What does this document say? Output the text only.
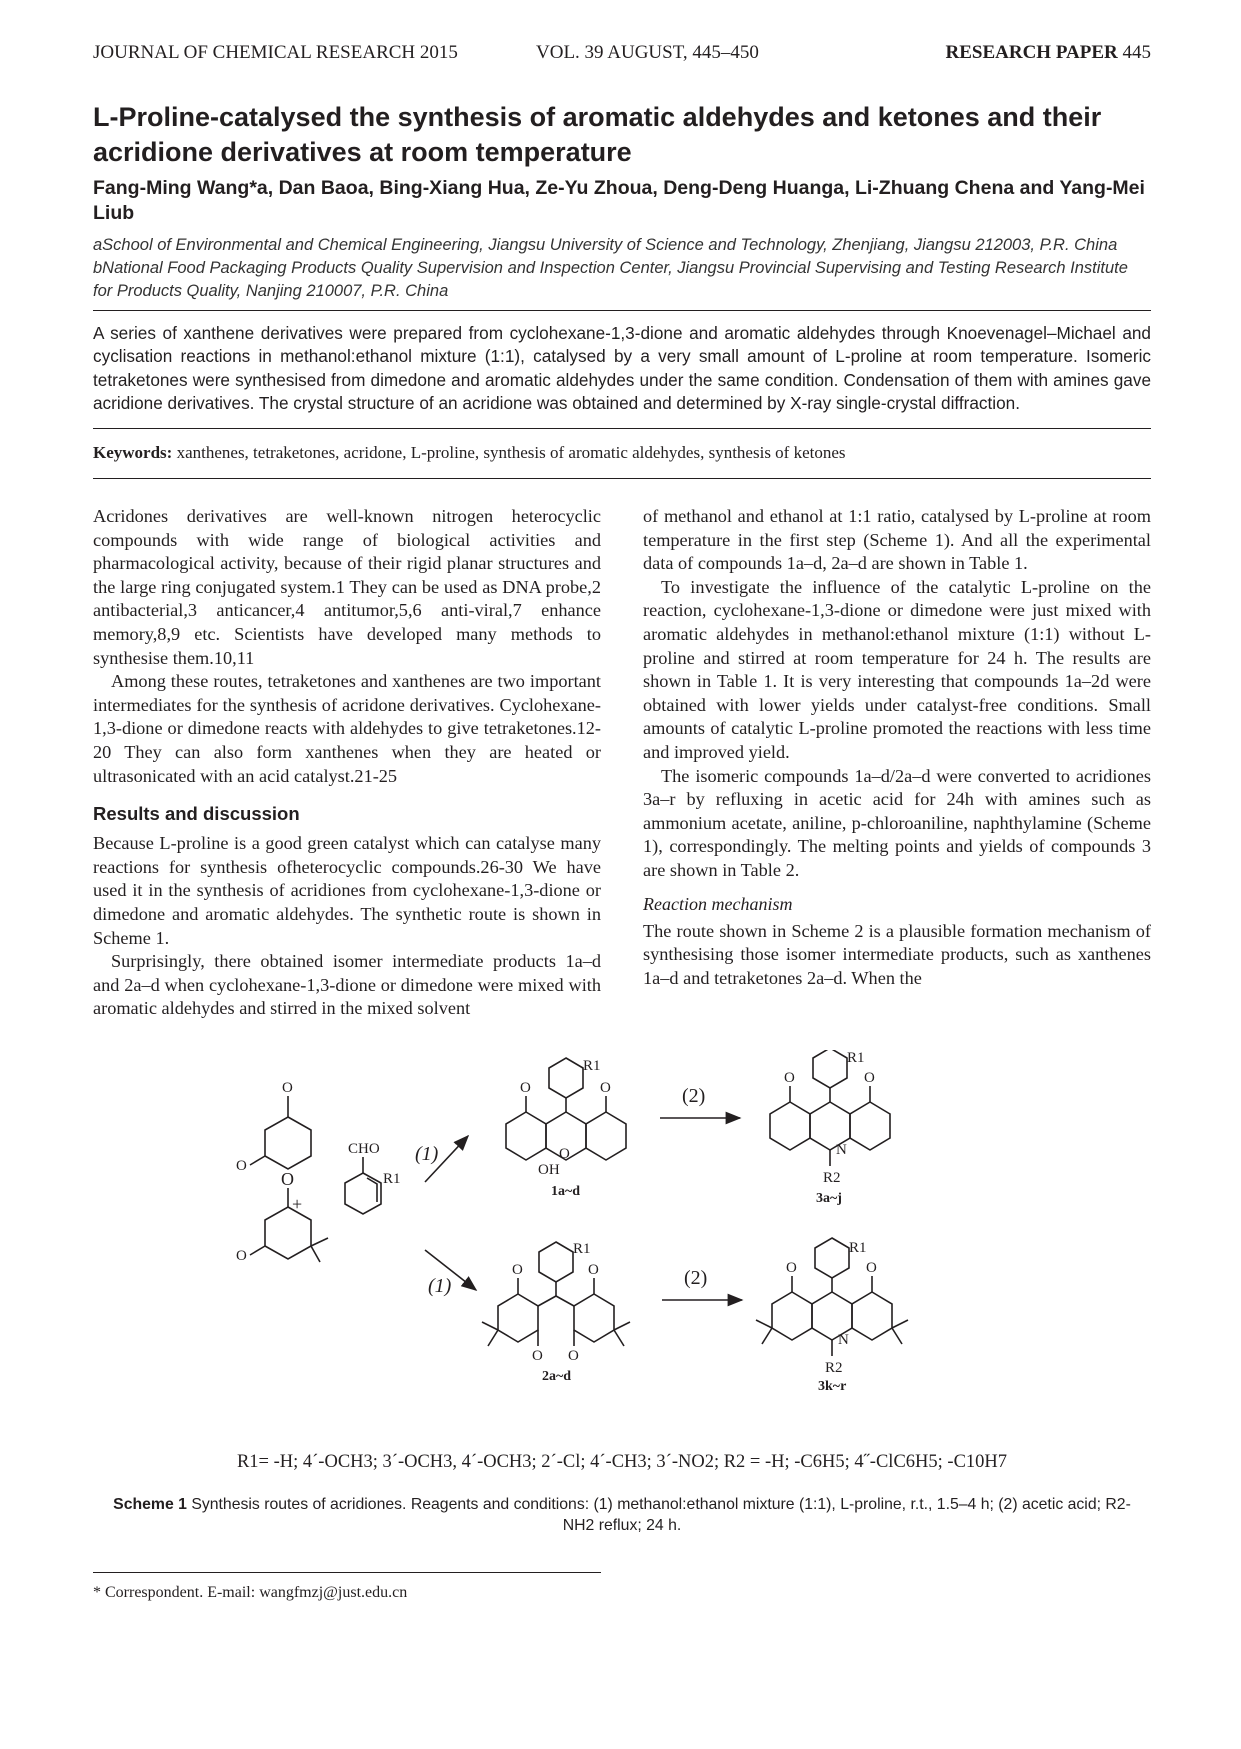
JOURNAL OF CHEMICAL RESEARCH 2015	VOL. 39 AUGUST, 445–450	RESEARCH PAPER 445
L-Proline-catalysed the synthesis of aromatic aldehydes and ketones and their acridione derivatives at room temperature
Fang-Ming Wang*a, Dan Baoa, Bing-Xiang Hua, Ze-Yu Zhoua, Deng-Deng Huanga, Li-Zhuang Chena and Yang-Mei Liub
aSchool of Environmental and Chemical Engineering, Jiangsu University of Science and Technology, Zhenjiang, Jiangsu 212003, P.R. China
bNational Food Packaging Products Quality Supervision and Inspection Center, Jiangsu Provincial Supervising and Testing Research Institute for Products Quality, Nanjing 210007, P.R. China

A series of xanthene derivatives were prepared from cyclohexane-1,3-dione and aromatic aldehydes through Knoevenagel–Michael and cyclisation reactions in methanol:ethanol mixture (1:1), catalysed by a very small amount of L-proline at room temperature. Isomeric tetraketones were synthesised from dimedone and aromatic aldehydes under the same condition. Condensation of them with amines gave acridione derivatives. The crystal structure of an acridione was obtained and determined by X-ray single-crystal diffraction.

Keywords: xanthenes, tetraketones, acridone, L-proline, synthesis of aromatic aldehydes, synthesis of ketones

Acridones derivatives are well-known nitrogen heterocyclic compounds with wide range of biological activities and pharmacological activity, because of their rigid planar structures and the large ring conjugated system.1 They can be used as DNA probe,2 antibacterial,3 anticancer,4 antitumor,5,6 anti-viral,7 enhance memory,8,9 etc. Scientists have developed many methods to synthesise them.10,11

Among these routes, tetraketones and xanthenes are two important intermediates for the synthesis of acridone derivatives. Cyclohexane-1,3-dione or dimedone reacts with aldehydes to give tetraketones.12-20 They can also form xanthenes when they are heated or ultrasonicated with an acid catalyst.21-25

Results and discussion

Because L-proline is a good green catalyst which can catalyse many reactions for synthesis ofheterocyclic compounds.26-30 We have used it in the synthesis of acridiones from cyclohexane-1,3-dione or dimedone and aromatic aldehydes. The synthetic route is shown in Scheme 1.

Surprisingly, there obtained isomer intermediate products 1a–d and 2a–d when cyclohexane-1,3-dione or dimedone were mixed with aromatic aldehydes and stirred in the mixed solvent

of methanol and ethanol at 1:1 ratio, catalysed by L-proline at room temperature in the first step (Scheme 1). And all the experimental data of compounds 1a–d, 2a–d are shown in Table 1.

To investigate the influence of the catalytic L-proline on the reaction, cyclohexane-1,3-dione or dimedone were just mixed with aromatic aldehydes in methanol:ethanol mixture (1:1) without L-proline and stirred at room temperature for 24 h. The results are shown in Table 1. It is very interesting that compounds 1a–2d were obtained with lower yields under catalyst-free conditions. Small amounts of catalytic L-proline promoted the reactions with less time and improved yield.

The isomeric compounds 1a–d/2a–d were converted to acridiones 3a–r by refluxing in acetic acid for 24h with amines such as ammonium acetate, aniline, p-chloroaniline, naphthylamine (Scheme 1), correspondingly. The melting points and yields of compounds 3 are shown in Table 2.

Reaction mechanism

The route shown in Scheme 2 is a plausible formation mechanism of synthesising those isomer intermediate products, such as xanthenes 1a–d and tetraketones 2a–d. When the

O
O
O
O
+
CHO
R1
(1)
(1)
R1
O	O
O
OH
1a~d
R1
O	O
O O
2a~d
(2)
(2)
R1
O	O
N
R2
3a~j
R1
O	O
N
R2
3k~r
R1= -H; 4´-OCH3; 3´-OCH3, 4´-OCH3; 2´-Cl; 4´-CH3; 3´-NO2; R2 = -H; -C6H5; 4˝-ClC6H5; -C10H7
Scheme 1 Synthesis routes of acridiones. Reagents and conditions: (1) methanol:ethanol mixture (1:1), L-proline, r.t., 1.5–4 h; (2) acetic acid; R2-NH2 reflux; 24 h.
* Correspondent. E-mail: wangfmzj@just.edu.cn
